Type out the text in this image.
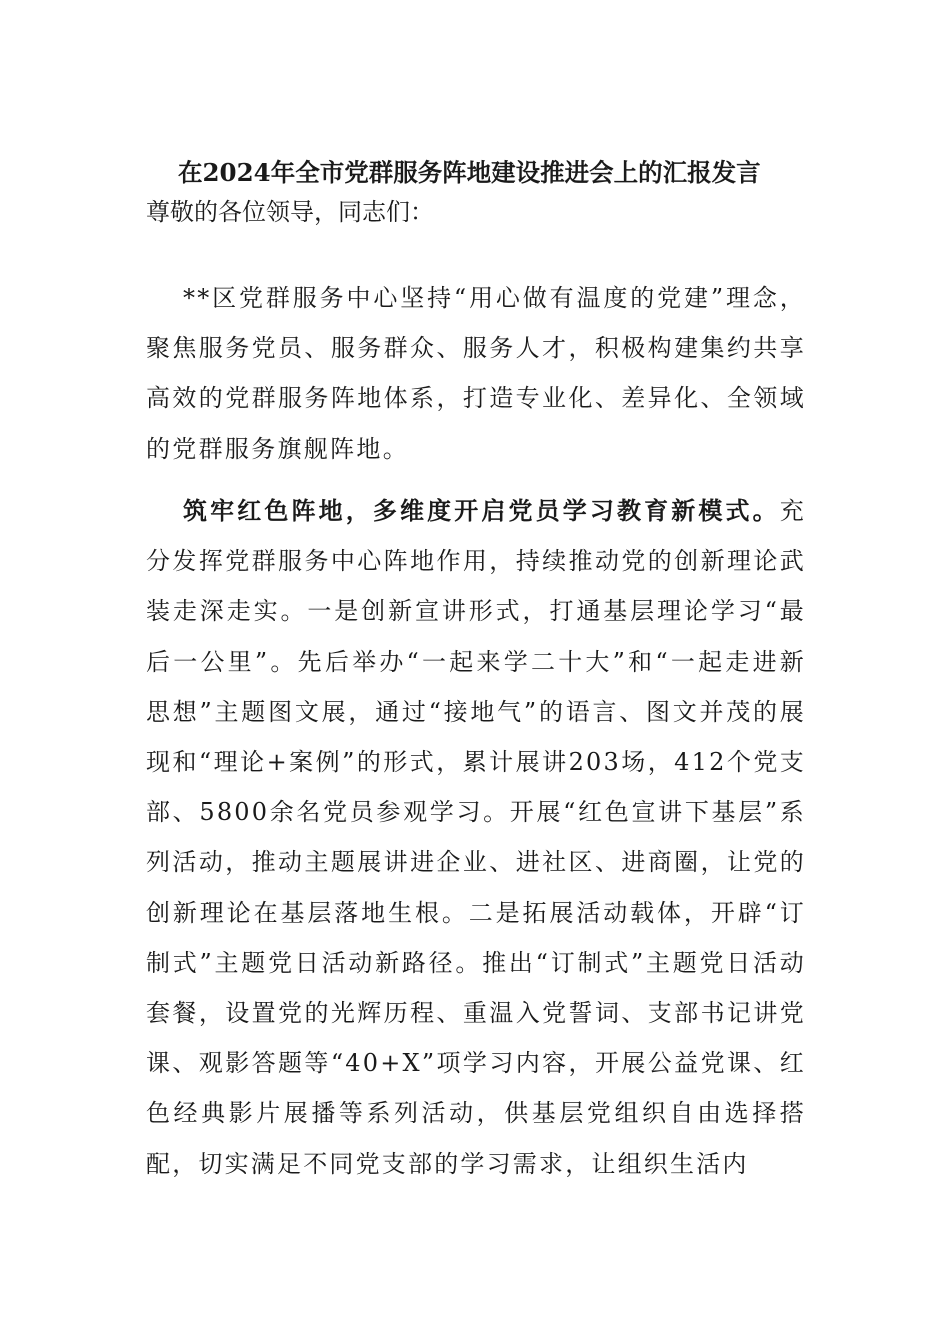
在2024年全市党群服务阵地建设推进会上的汇报发言
尊敬的各位领导，同志们：

**区党群服务中心坚持“用心做有温度的党建”理念，聚焦服务党员、服务群众、服务人才，积极构建集约共享高效的党群服务阵地体系，打造专业化、差异化、全领域的党群服务旗舰阵地。

筑牢红色阵地，多维度开启党员学习教育新模式。充分发挥党群服务中心阵地作用，持续推动党的创新理论武装走深走实。一是创新宣讲形式，打通基层理论学习“最后一公里”。先后举办“一起来学二十大”和“一起走进新思想”主题图文展，通过“接地气”的语言、图文并茂的展现和“理论+案例”的形式，累计展讲203场，412个党支部、5800余名党员参观学习。开展“红色宣讲下基层”系列活动，推动主题展讲进企业、进社区、进商圈，让党的创新理论在基层落地生根。二是拓展活动载体，开辟“订制式”主题党日活动新路径。推出“订制式”主题党日活动套餐，设置党的光辉历程、重温入党誓词、支部书记讲党课、观影答题等“40+X”项学习内容，开展公益党课、红色经典影片展播等系列活动，供基层党组织自由选择搭配，切实满足不同党支部的学习需求，让组织生活内
